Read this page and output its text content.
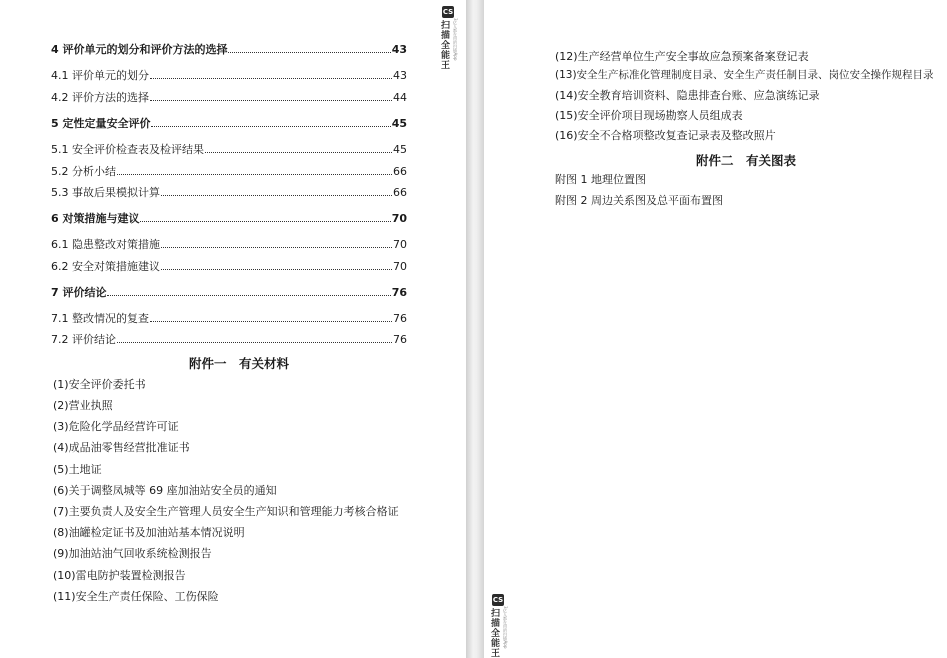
4 评价单元的划分和评价方法的选择	43
4.1 评价单元的划分	43
4.2 评价方法的选择	44
5 定性定量安全评价	45
5.1 安全评价检查表及检评结果	45
5.2 分析小结	66
5.3 事故后果模拟计算	66
6 对策措施与建议	70
6.1 隐患整改对策措施	70
6.2 安全对策措施建议	70
7 评价结论	76
7.1 整改情况的复查	76
7.2 评价结论	76
附件一　有关材料
(1)安全评价委托书
(2)营业执照
(3)危险化学品经营许可证
(4)成品油零售经营批准证书
(5)土地证
(6)关于调整凤城等 69 座加油站安全员的通知
(7)主要负责人及安全生产管理人员安全生产知识和管理能力考核合格证
(8)油罐检定证书及加油站基本情况说明
(9)加油站油气回收系统检测报告
(10)雷电防护装置检测报告
(11)安全生产责任保险、工伤保险
CS
扫描全能王	3亿人都在用的扫描App	(12)生产经营单位生产安全事故应急预案备案登记表
(13)安全生产标准化管理制度目录、安全生产责任制目录、岗位安全操作规程目录
(14)安全教育培训资料、隐患排查台账、应急演练记录
(15)安全评价项目现场勘察人员组成表
(16)安全不合格项整改复查记录表及整改照片
附件二　有关图表
附图 1 地理位置图
附图 2 周边关系图及总平面布置图
CS
扫描全能王	3亿人都在用的扫描App
